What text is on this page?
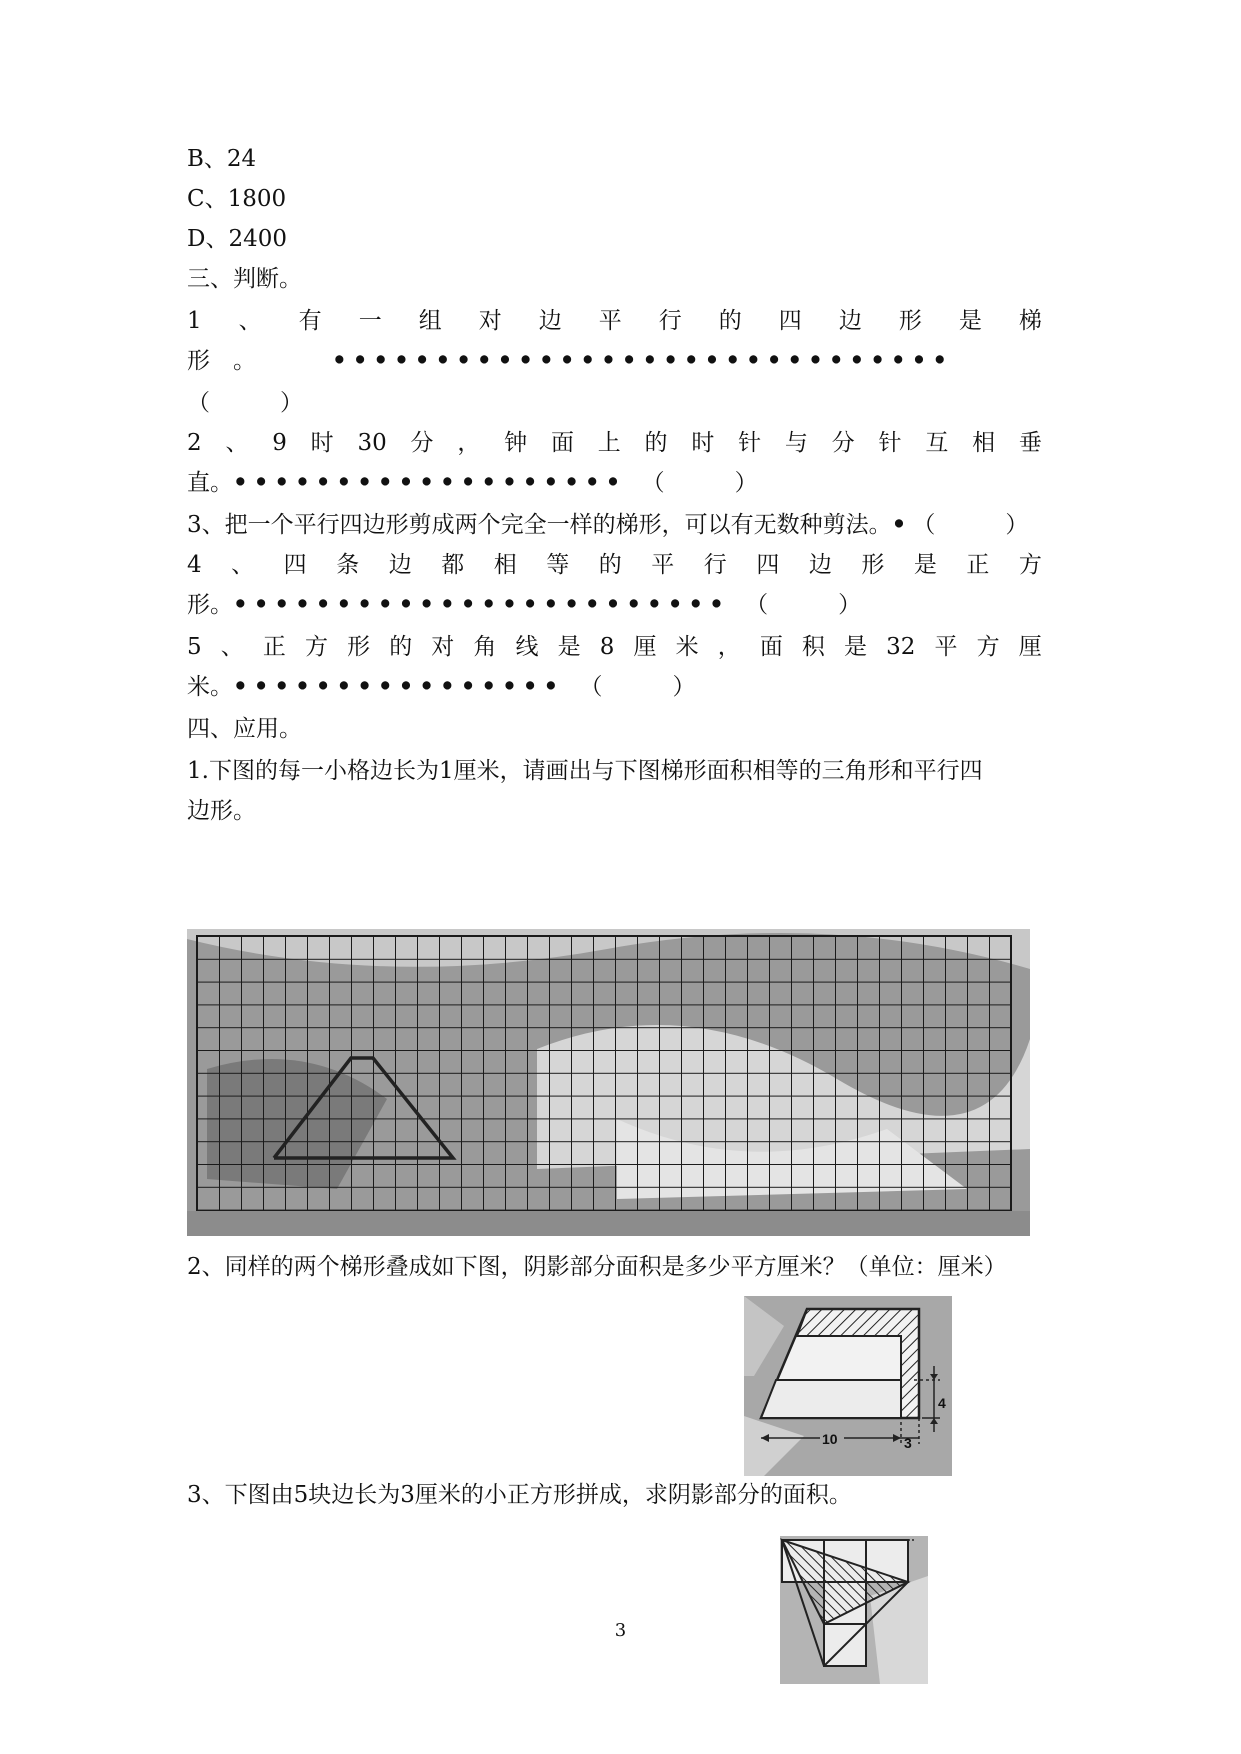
B、24
C、1800
D、2400
三、判断。
1 、 有 一 组 对 边 平 行 的 四 边 形 是 梯
形　。	••••••••••••••••••••••••••••••
（	）
2 、 9 时 30 分 ， 钟 面 上 的 时 针 与 分 针 互 相 垂
直。••••••••••••••••••• （	）
3、把一个平行四边形剪成两个完全一样的梯形，可以有无数种剪法。•（	）
4 、 四 条 边 都 相 等 的 平 行 四 边 形 是 正 方
形。•••••••••••••••••••••••• （	）
5 、 正 方 形 的 对 角 线 是 8 厘 米 ， 面 积 是 32 平 方 厘
米。•••••••••••••••• （	）
四、应用。
1.下图的每一小格边长为1厘米，请画出与下图梯形面积相等的三角形和平行四
边形。
2、同样的两个梯形叠成如下图，阴影部分面积是多少平方厘米？（单位：厘米）
4
10	3
3、下图由5块边长为3厘米的小正方形拼成，求阴影部分的面积。
3
